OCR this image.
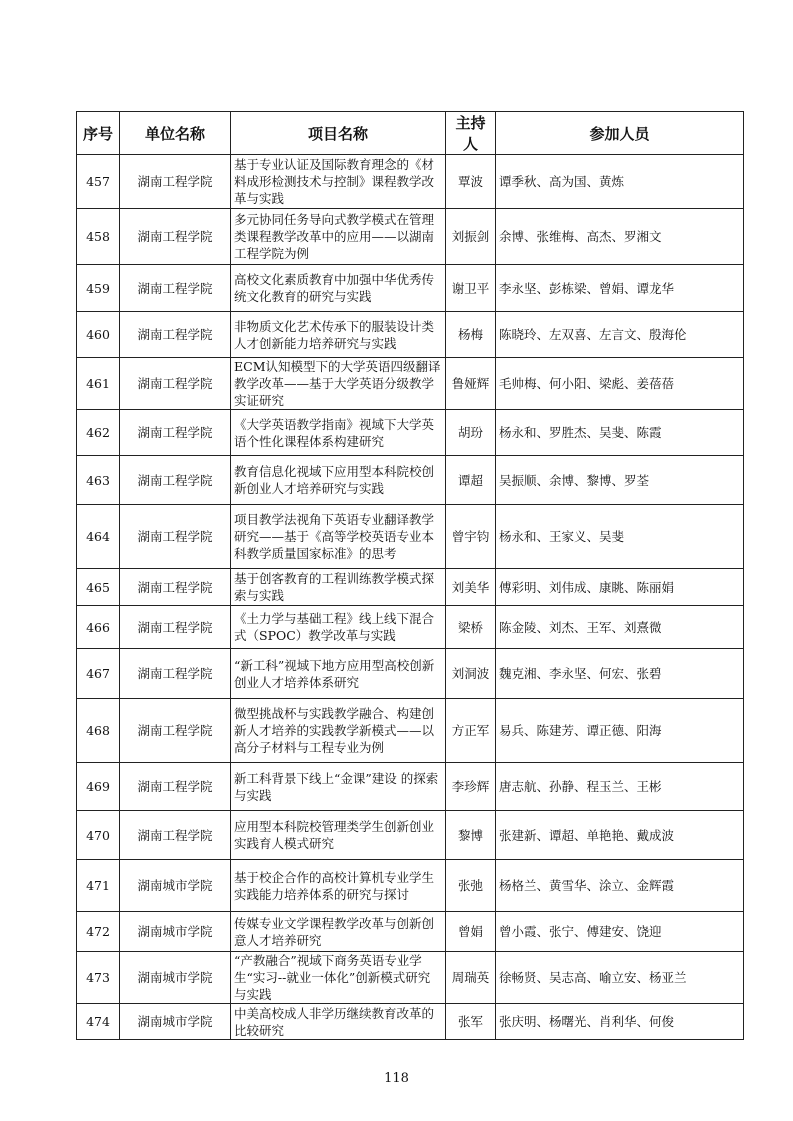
序号	单位名称	项目名称	主持人	参加人员
457	湖南工程学院	基于专业认证及国际教育理念的《材料成形检测技术与控制》课程教学改革与实践	覃波	谭季秋、高为国、黄炼
458	湖南工程学院	多元协同任务导向式教学模式在管理类课程教学改革中的应用——以湖南工程学院为例	刘振剑	余博、张维梅、高杰、罗湘文
459	湖南工程学院	高校文化素质教育中加强中华优秀传统文化教育的研究与实践	谢卫平	李永坚、彭栋梁、曾娟、谭龙华
460	湖南工程学院	非物质文化艺术传承下的服装设计类人才创新能力培养研究与实践	杨梅	陈晓玲、左双喜、左言文、殷海伦
461	湖南工程学院	ECM认知模型下的大学英语四级翻译教学改革——基于大学英语分级教学实证研究	鲁娅辉	毛帅梅、何小阳、梁彪、姜蓓蓓
462	湖南工程学院	《大学英语教学指南》视域下大学英语个性化课程体系构建研究	胡玢	杨永和、罗胜杰、吴斐、陈霞
463	湖南工程学院	教育信息化视域下应用型本科院校创新创业人才培养研究与实践	谭超	吴振顺、余博、黎博、罗荃
464	湖南工程学院	项目教学法视角下英语专业翻译教学研究——基于《高等学校英语专业本科教学质量国家标准》的思考	曾宇钧	杨永和、王家义、吴斐
465	湖南工程学院	基于创客教育的工程训练教学模式探索与实践	刘美华	傅彩明、刘伟成、康眺、陈丽娟
466	湖南工程学院	《土力学与基础工程》线上线下混合式（SPOC）教学改革与实践	梁桥	陈金陵、刘杰、王军、刘熹微
467	湖南工程学院	“新工科”视域下地方应用型高校创新创业人才培养体系研究	刘洞波	魏克湘、李永坚、何宏、张碧
468	湖南工程学院	微型挑战杯与实践教学融合、构建创新人才培养的实践教学新模式——以高分子材料与工程专业为例	方正军	易兵、陈建芳、谭正德、阳海
469	湖南工程学院	新工科背景下线上“金课”建设 的探索与实践	李珍辉	唐志航、孙静、程玉兰、王彬
470	湖南工程学院	应用型本科院校管理类学生创新创业实践育人模式研究	黎博	张建新、谭超、单艳艳、戴成波
471	湖南城市学院	基于校企合作的高校计算机专业学生实践能力培养体系的研究与探讨	张弛	杨格兰、黄雪华、涂立、金辉霞
472	湖南城市学院	传媒专业文学课程教学改革与创新创意人才培养研究	曾娟	曾小霞、张宁、傅建安、饶迎
473	湖南城市学院	“产教融合”视域下商务英语专业学生“实习--就业一体化”创新模式研究与实践	周瑞英	徐畅贤、吴志高、喻立安、杨亚兰
474	湖南城市学院	中美高校成人非学历继续教育改革的比较研究	张军	张庆明、杨曙光、肖利华、何俊
118
